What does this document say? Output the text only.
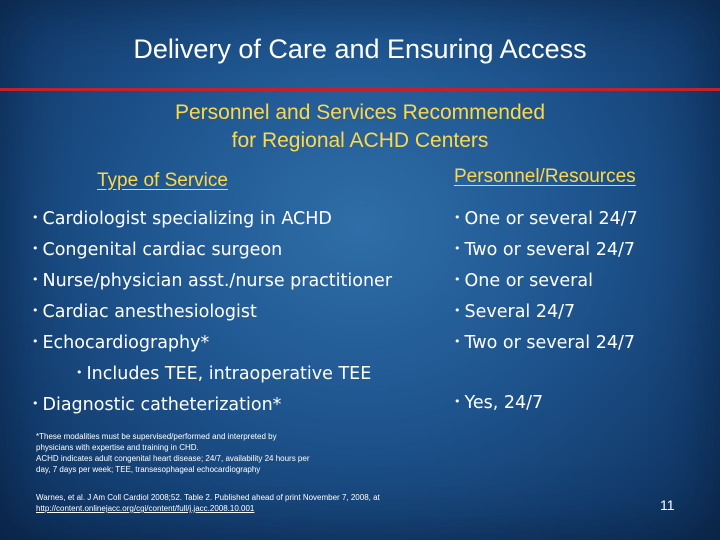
Delivery of Care and Ensuring Access
Personnel and Services Recommended
for Regional ACHD Centers
Type of Service	Personnel/Resources
• Cardiologist specializing in ACHD
• Congenital cardiac surgeon
• Nurse/physician asst./nurse practitioner
• Cardiac anesthesiologist
• Echocardiography*
• Includes TEE, intraoperative TEE
• Diagnostic catheterization*
• One or several 24/7
• Two or several 24/7
• One or several
• Several 24/7
• Two or several 24/7
• Yes, 24/7
*These modalities must be supervised/performed and interpreted by
physicians with expertise and training in CHD.
ACHD indicates adult congenital heart disease; 24/7, availability 24 hours per
day, 7 days per week; TEE, transesophageal echocardiography
Warnes, et al. J Am Coll Cardiol 2008;52. Table 2. Published ahead of print November 7, 2008, at
http://content.onlinejacc.org/cgi/content/full/j.jacc.2008.10.001	11
